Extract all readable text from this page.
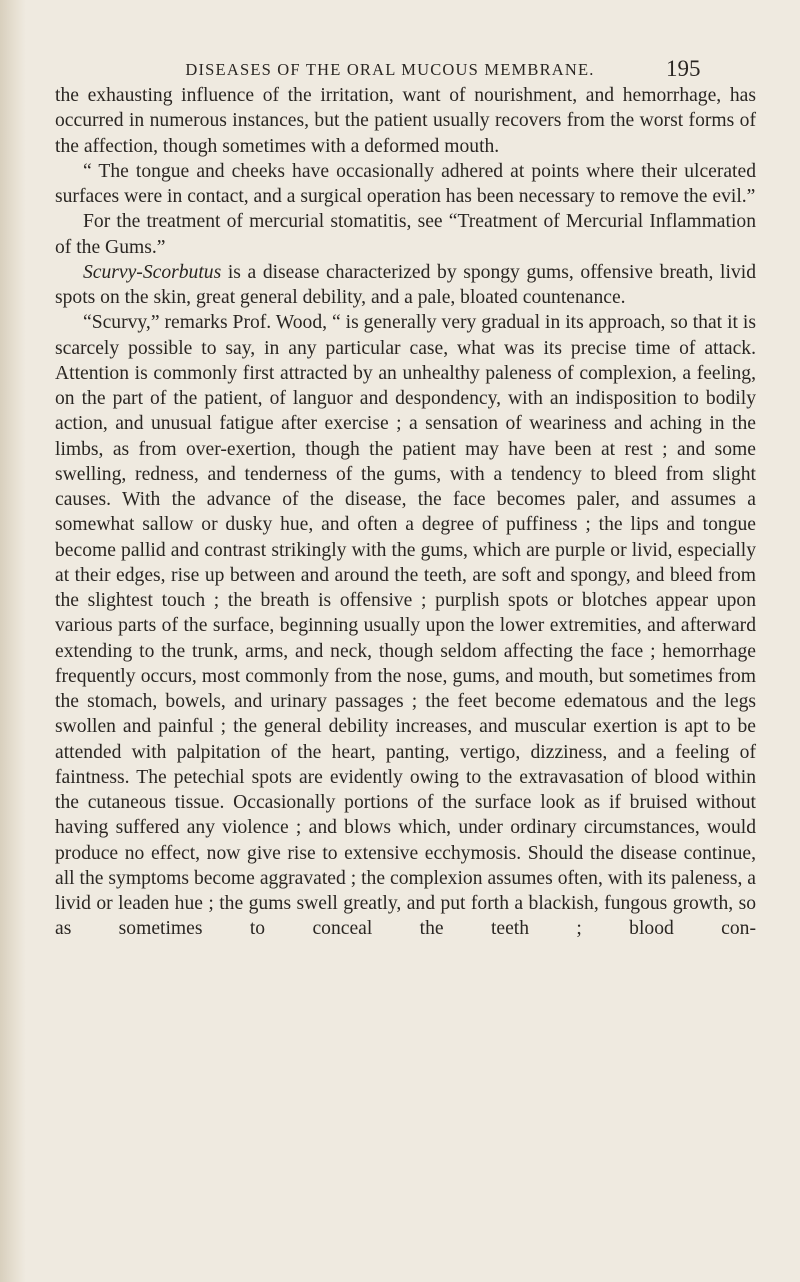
DISEASES OF THE ORAL MUCOUS MEMBRANE.	195

the exhausting influence of the irritation, want of nourishment, and hemorrhage, has occurred in numerous instances, but the patient usually recovers from the worst forms of the affection, though sometimes with a deformed mouth.

“ The tongue and cheeks have occasionally adhered at points where their ulcerated surfaces were in contact, and a surgical operation has been necessary to remove the evil.”

For the treatment of mercurial stomatitis, see “Treatment of Mercurial Inflammation of the Gums.”

Scurvy-Scorbutus is a disease characterized by spongy gums, offensive breath, livid spots on the skin, great general debility, and a pale, bloated countenance.

“Scurvy,” remarks Prof. Wood, “ is generally very gradual in its approach, so that it is scarcely possible to say, in any particular case, what was its precise time of attack. Attention is commonly first attracted by an unhealthy paleness of complexion, a feeling, on the part of the patient, of languor and despondency, with an indisposition to bodily action, and unusual fatigue after exercise ; a sensation of weariness and aching in the limbs, as from over-exertion, though the patient may have been at rest ; and some swelling, redness, and tenderness of the gums, with a tendency to bleed from slight causes. With the advance of the disease, the face becomes paler, and assumes a somewhat sallow or dusky hue, and often a degree of puffiness ; the lips and tongue become pallid and contrast strikingly with the gums, which are purple or livid, especially at their edges, rise up between and around the teeth, are soft and spongy, and bleed from the slightest touch ; the breath is offensive ; purplish spots or blotches appear upon various parts of the surface, beginning usually upon the lower extremities, and afterward extending to the trunk, arms, and neck, though seldom affecting the face ; hemorrhage frequently occurs, most commonly from the nose, gums, and mouth, but sometimes from the stomach, bowels, and urinary passages ; the feet become edematous and the legs swollen and painful ; the general debility increases, and muscular exertion is apt to be attended with palpitation of the heart, panting, vertigo, dizziness, and a feeling of faintness. The petechial spots are evidently owing to the extravasation of blood within the cutaneous tissue. Occasionally portions of the surface look as if bruised without having suffered any violence ; and blows which, under ordinary circumstances, would produce no effect, now give rise to extensive ecchymosis. Should the disease continue, all the symptoms become aggravated ; the complexion assumes often, with its paleness, a livid or leaden hue ; the gums swell greatly, and put forth a blackish, fungous growth, so as sometimes to conceal the teeth ; blood con-
